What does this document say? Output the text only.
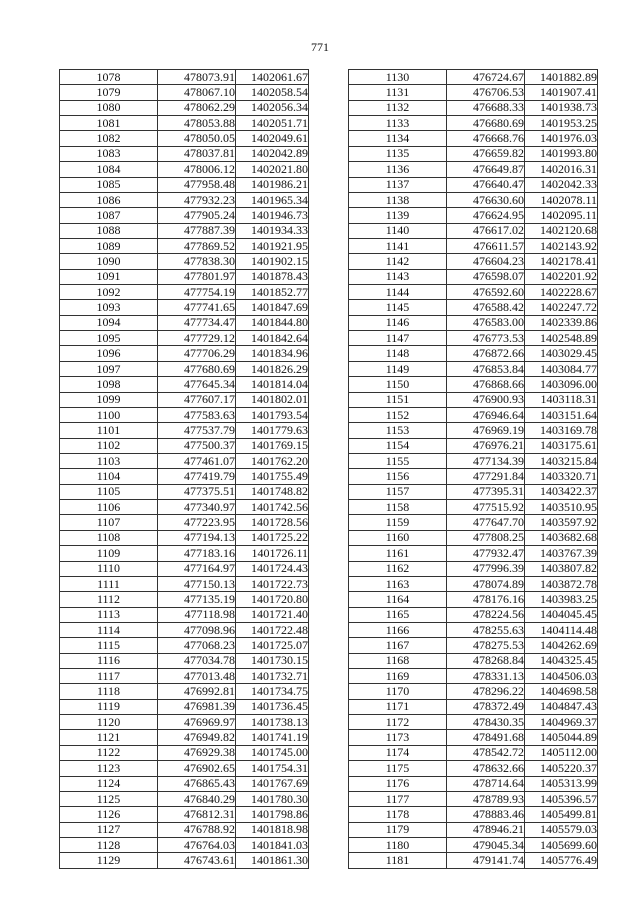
771
1078	478073.91	1402061.67
1079	478067.10	1402058.54
1080	478062.29	1402056.34
1081	478053.88	1402051.71
1082	478050.05	1402049.61
1083	478037.81	1402042.89
1084	478006.12	1402021.80
1085	477958.48	1401986.21
1086	477932.23	1401965.34
1087	477905.24	1401946.73
1088	477887.39	1401934.33
1089	477869.52	1401921.95
1090	477838.30	1401902.15
1091	477801.97	1401878.43
1092	477754.19	1401852.77
1093	477741.65	1401847.69
1094	477734.47	1401844.80
1095	477729.12	1401842.64
1096	477706.29	1401834.96
1097	477680.69	1401826.29
1098	477645.34	1401814.04
1099	477607.17	1401802.01
1100	477583.63	1401793.54
1101	477537.79	1401779.63
1102	477500.37	1401769.15
1103	477461.07	1401762.20
1104	477419.79	1401755.49
1105	477375.51	1401748.82
1106	477340.97	1401742.56
1107	477223.95	1401728.56
1108	477194.13	1401725.22
1109	477183.16	1401726.11
1110	477164.97	1401724.43
1111	477150.13	1401722.73
1112	477135.19	1401720.80
1113	477118.98	1401721.40
1114	477098.96	1401722.48
1115	477068.23	1401725.07
1116	477034.78	1401730.15
1117	477013.48	1401732.71
1118	476992.81	1401734.75
1119	476981.39	1401736.45
1120	476969.97	1401738.13
1121	476949.82	1401741.19
1122	476929.38	1401745.00
1123	476902.65	1401754.31
1124	476865.43	1401767.69
1125	476840.29	1401780.30
1126	476812.31	1401798.86
1127	476788.92	1401818.98
1128	476764.03	1401841.03
1129	476743.61	1401861.30
1130	476724.67	1401882.89
1131	476706.53	1401907.41
1132	476688.33	1401938.73
1133	476680.69	1401953.25
1134	476668.76	1401976.03
1135	476659.82	1401993.80
1136	476649.87	1402016.31
1137	476640.47	1402042.33
1138	476630.60	1402078.11
1139	476624.95	1402095.11
1140	476617.02	1402120.68
1141	476611.57	1402143.92
1142	476604.23	1402178.41
1143	476598.07	1402201.92
1144	476592.60	1402228.67
1145	476588.42	1402247.72
1146	476583.00	1402339.86
1147	476773.53	1402548.89
1148	476872.66	1403029.45
1149	476853.84	1403084.77
1150	476868.66	1403096.00
1151	476900.93	1403118.31
1152	476946.64	1403151.64
1153	476969.19	1403169.78
1154	476976.21	1403175.61
1155	477134.39	1403215.84
1156	477291.84	1403320.71
1157	477395.31	1403422.37
1158	477515.92	1403510.95
1159	477647.70	1403597.92
1160	477808.25	1403682.68
1161	477932.47	1403767.39
1162	477996.39	1403807.82
1163	478074.89	1403872.78
1164	478176.16	1403983.25
1165	478224.56	1404045.45
1166	478255.63	1404114.48
1167	478275.53	1404262.69
1168	478268.84	1404325.45
1169	478331.13	1404506.03
1170	478296.22	1404698.58
1171	478372.49	1404847.43
1172	478430.35	1404969.37
1173	478491.68	1405044.89
1174	478542.72	1405112.00
1175	478632.66	1405220.37
1176	478714.64	1405313.99
1177	478789.93	1405396.57
1178	478883.46	1405499.81
1179	478946.21	1405579.03
1180	479045.34	1405699.60
1181	479141.74	1405776.49
